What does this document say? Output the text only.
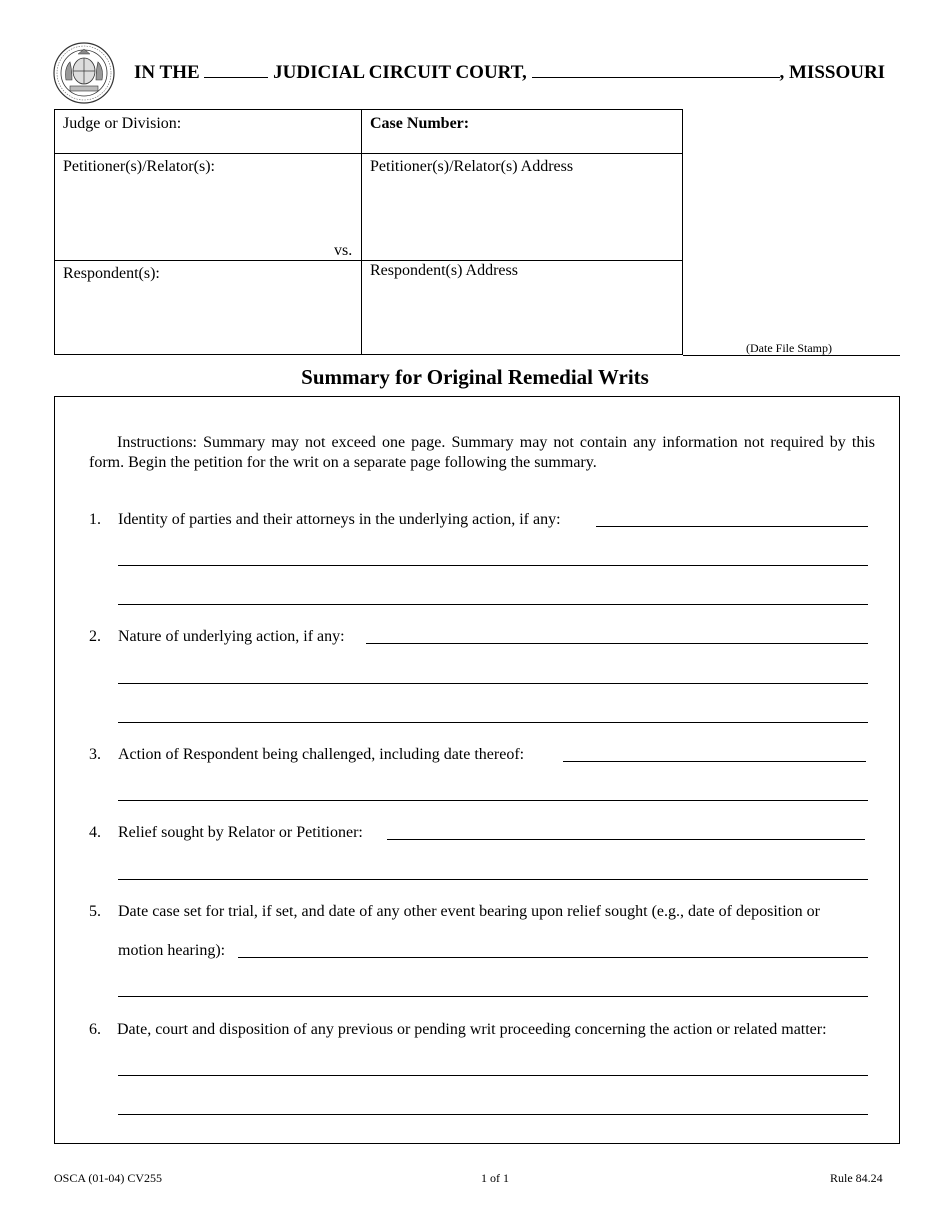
IN THE	JUDICIAL CIRCUIT COURT,	, MISSOURI
Judge or Division:	Case Number:
Petitioner(s)/Relator(s):	Petitioner(s)/Relator(s) Address
vs.
Respondent(s):	Respondent(s) Address
(Date File Stamp)
Summary for Original Remedial Writs
Instructions: Summary may not exceed one page. Summary may not contain any information not required by this form. Begin the petition for the writ on a separate page following the summary.
1. Identity of parties and their attorneys in the underlying action, if any:
2. Nature of underlying action, if any:
3. Action of Respondent being challenged, including date thereof:
4. Relief sought by Relator or Petitioner:
5. Date case set for trial, if set, and date of any other event bearing upon relief sought (e.g., date of deposition or
motion hearing):
6. Date, court and disposition of any previous or pending writ proceeding concerning the action or related matter:
OSCA (01-04) CV255	1 of 1	Rule 84.24
